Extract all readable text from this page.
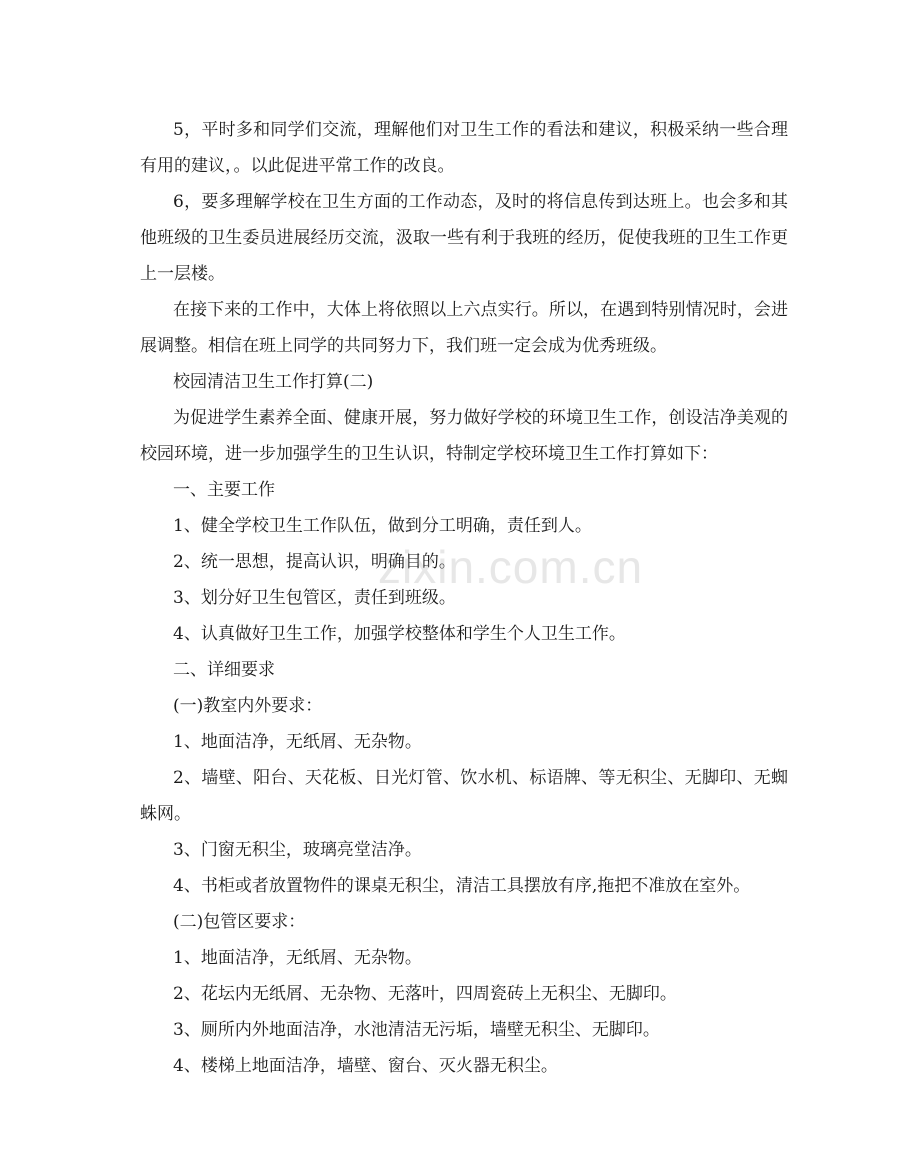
5，平时多和同学们交流，理解他们对卫生工作的看法和建议，积极采纳一些合理有用的建议，。以此促进平常工作的改良。

6，要多理解学校在卫生方面的工作动态，及时的将信息传到达班上。也会多和其他班级的卫生委员进展经历交流，汲取一些有利于我班的经历，促使我班的卫生工作更上一层楼。

在接下来的工作中，大体上将依照以上六点实行。所以，在遇到特别情况时，会进展调整。相信在班上同学的共同努力下，我们班一定会成为优秀班级。

校园清洁卫生工作打算(二)

为促进学生素养全面、健康开展，努力做好学校的环境卫生工作，创设洁净美观的校园环境，进一步加强学生的卫生认识，特制定学校环境卫生工作打算如下：

一、主要工作

1、健全学校卫生工作队伍，做到分工明确，责任到人。

2、统一思想，提高认识，明确目的。

3、划分好卫生包管区，责任到班级。

4、认真做好卫生工作，加强学校整体和学生个人卫生工作。

二、详细要求

(一)教室内外要求：

1、地面洁净，无纸屑、无杂物。

2、墙壁、阳台、天花板、日光灯管、饮水机、标语牌、等无积尘、无脚印、无蜘蛛网。

3、门窗无积尘，玻璃亮堂洁净。

4、书柜或者放置物件的课桌无积尘，清洁工具摆放有序,拖把不准放在室外。

(二)包管区要求：

1、地面洁净，无纸屑、无杂物。

2、花坛内无纸屑、无杂物、无落叶，四周瓷砖上无积尘、无脚印。

3、厕所内外地面洁净，水池清洁无污垢，墙壁无积尘、无脚印。

4、楼梯上地面洁净，墙壁、窗台、灭火器无积尘。

zixin.com.cn
